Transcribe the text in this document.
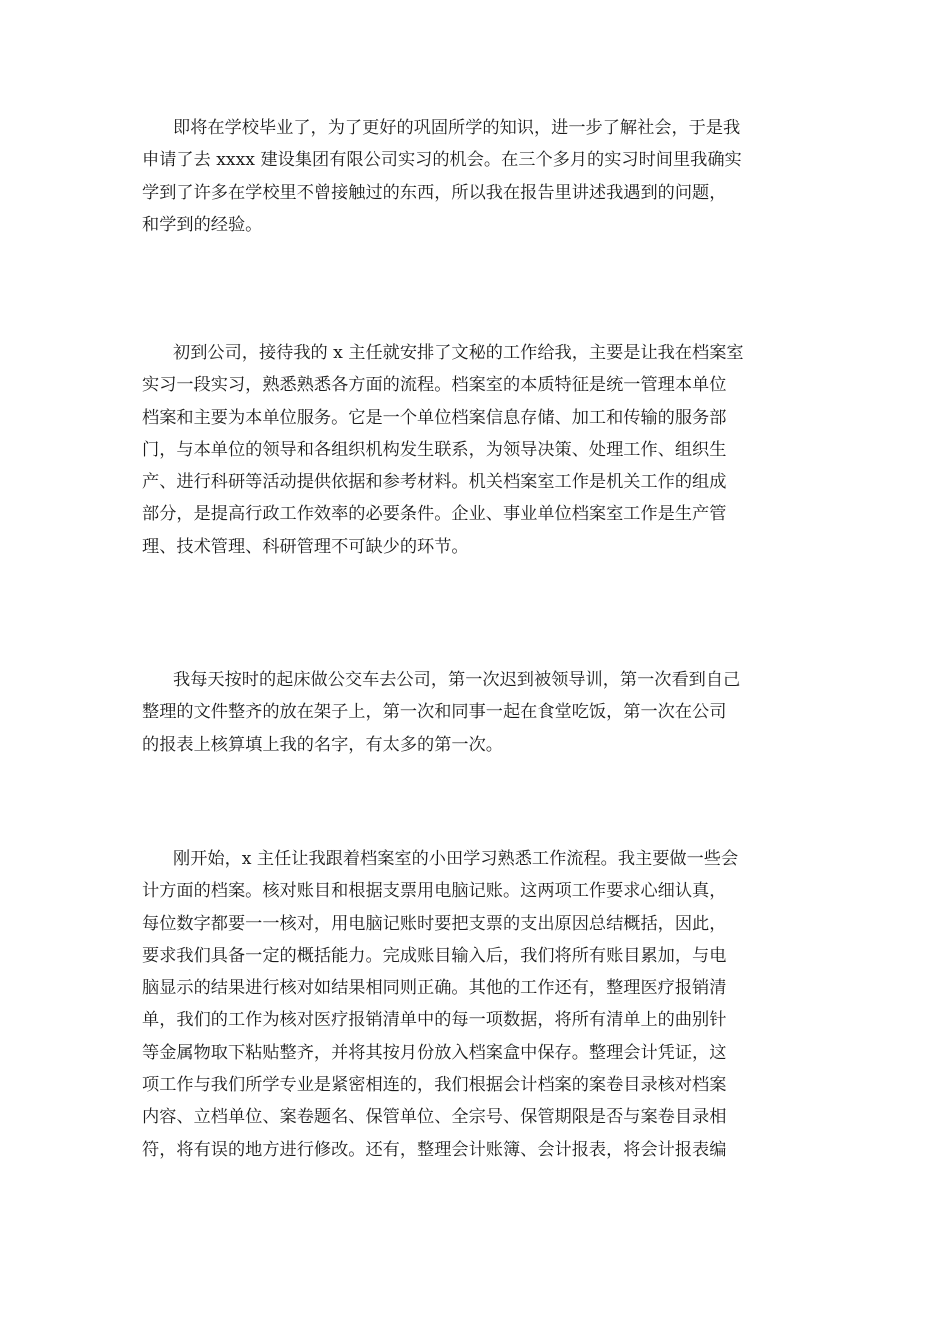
即将在学校毕业了，为了更好的巩固所学的知识，进一步了解社会，于是我
申请了去 xxxx 建设集团有限公司实习的机会。在三个多月的实习时间里我确实
学到了许多在学校里不曾接触过的东西，所以我在报告里讲述我遇到的问题，
和学到的经验。
初到公司，接待我的 x 主任就安排了文秘的工作给我，主要是让我在档案室
实习一段实习，熟悉熟悉各方面的流程。档案室的本质特征是统一管理本单位
档案和主要为本单位服务。它是一个单位档案信息存储、加工和传输的服务部
门，与本单位的领导和各组织机构发生联系，为领导决策、处理工作、组织生
产、进行科研等活动提供依据和参考材料。机关档案室工作是机关工作的组成
部分，是提高行政工作效率的必要条件。企业、事业单位档案室工作是生产管
理、技术管理、科研管理不可缺少的环节。
我每天按时的起床做公交车去公司，第一次迟到被领导训，第一次看到自己
整理的文件整齐的放在架子上，第一次和同事一起在食堂吃饭，第一次在公司
的报表上核算填上我的名字，有太多的第一次。
刚开始，x 主任让我跟着档案室的小田学习熟悉工作流程。我主要做一些会
计方面的档案。核对账目和根据支票用电脑记账。这两项工作要求心细认真，
每位数字都要一一核对，用电脑记账时要把支票的支出原因总结概括，因此，
要求我们具备一定的概括能力。完成账目输入后，我们将所有账目累加，与电
脑显示的结果进行核对如结果相同则正确。其他的工作还有，整理医疗报销清
单，我们的工作为核对医疗报销清单中的每一项数据，将所有清单上的曲别针
等金属物取下粘贴整齐，并将其按月份放入档案盒中保存。整理会计凭证，这
项工作与我们所学专业是紧密相连的，我们根据会计档案的案卷目录核对档案
内容、立档单位、案卷题名、保管单位、全宗号、保管期限是否与案卷目录相
符，将有误的地方进行修改。还有，整理会计账簿、会计报表，将会计报表编
